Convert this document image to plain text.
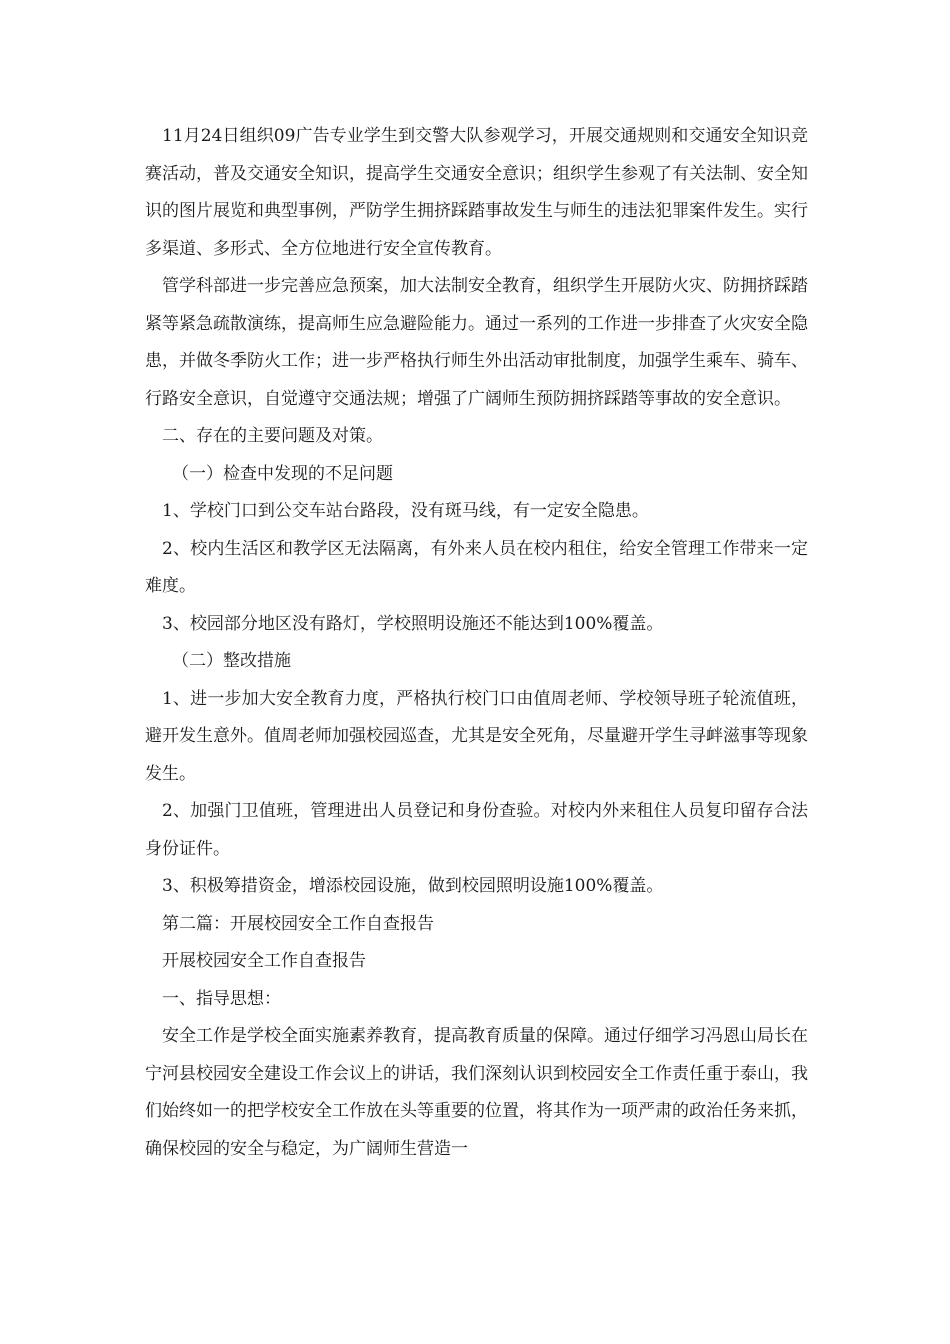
11月24日组织09广告专业学生到交警大队参观学习，开展交通规则和交通安全知识竞赛活动，普及交通安全知识，提高学生交通安全意识；组织学生参观了有关法制、安全知识的图片展览和典型事例，严防学生拥挤踩踏事故发生与师生的违法犯罪案件发生。实行多渠道、多形式、全方位地进行安全宣传教育。

管学科部进一步完善应急预案，加大法制安全教育，组织学生开展防火灾、防拥挤踩踏紧等紧急疏散演练，提高师生应急避险能力。通过一系列的工作进一步排查了火灾安全隐患，并做冬季防火工作；进一步严格执行师生外出活动审批制度，加强学生乘车、骑车、行路安全意识，自觉遵守交通法规；增强了广阔师生预防拥挤踩踏等事故的安全意识。

二、存在的主要问题及对策。

（一）检查中发现的不足问题

1、学校门口到公交车站台路段，没有斑马线，有一定安全隐患。

2、校内生活区和教学区无法隔离，有外来人员在校内租住，给安全管理工作带来一定难度。

3、校园部分地区没有路灯，学校照明设施还不能达到100%覆盖。

（二）整改措施

1、进一步加大安全教育力度，严格执行校门口由值周老师、学校领导班子轮流值班，避开发生意外。值周老师加强校园巡查，尤其是安全死角，尽量避开学生寻衅滋事等现象发生。

2、加强门卫值班，管理进出人员登记和身份查验。对校内外来租住人员复印留存合法身份证件。

3、积极筹措资金，增添校园设施，做到校园照明设施100%覆盖。

第二篇：开展校园安全工作自查报告

开展校园安全工作自查报告

一、指导思想：

安全工作是学校全面实施素养教育，提高教育质量的保障。通过仔细学习冯恩山局长在宁河县校园安全建设工作会议上的讲话，我们深刻认识到校园安全工作责任重于泰山，我们始终如一的把学校安全工作放在头等重要的位置，将其作为一项严肃的政治任务来抓，确保校园的安全与稳定，为广阔师生营造一
